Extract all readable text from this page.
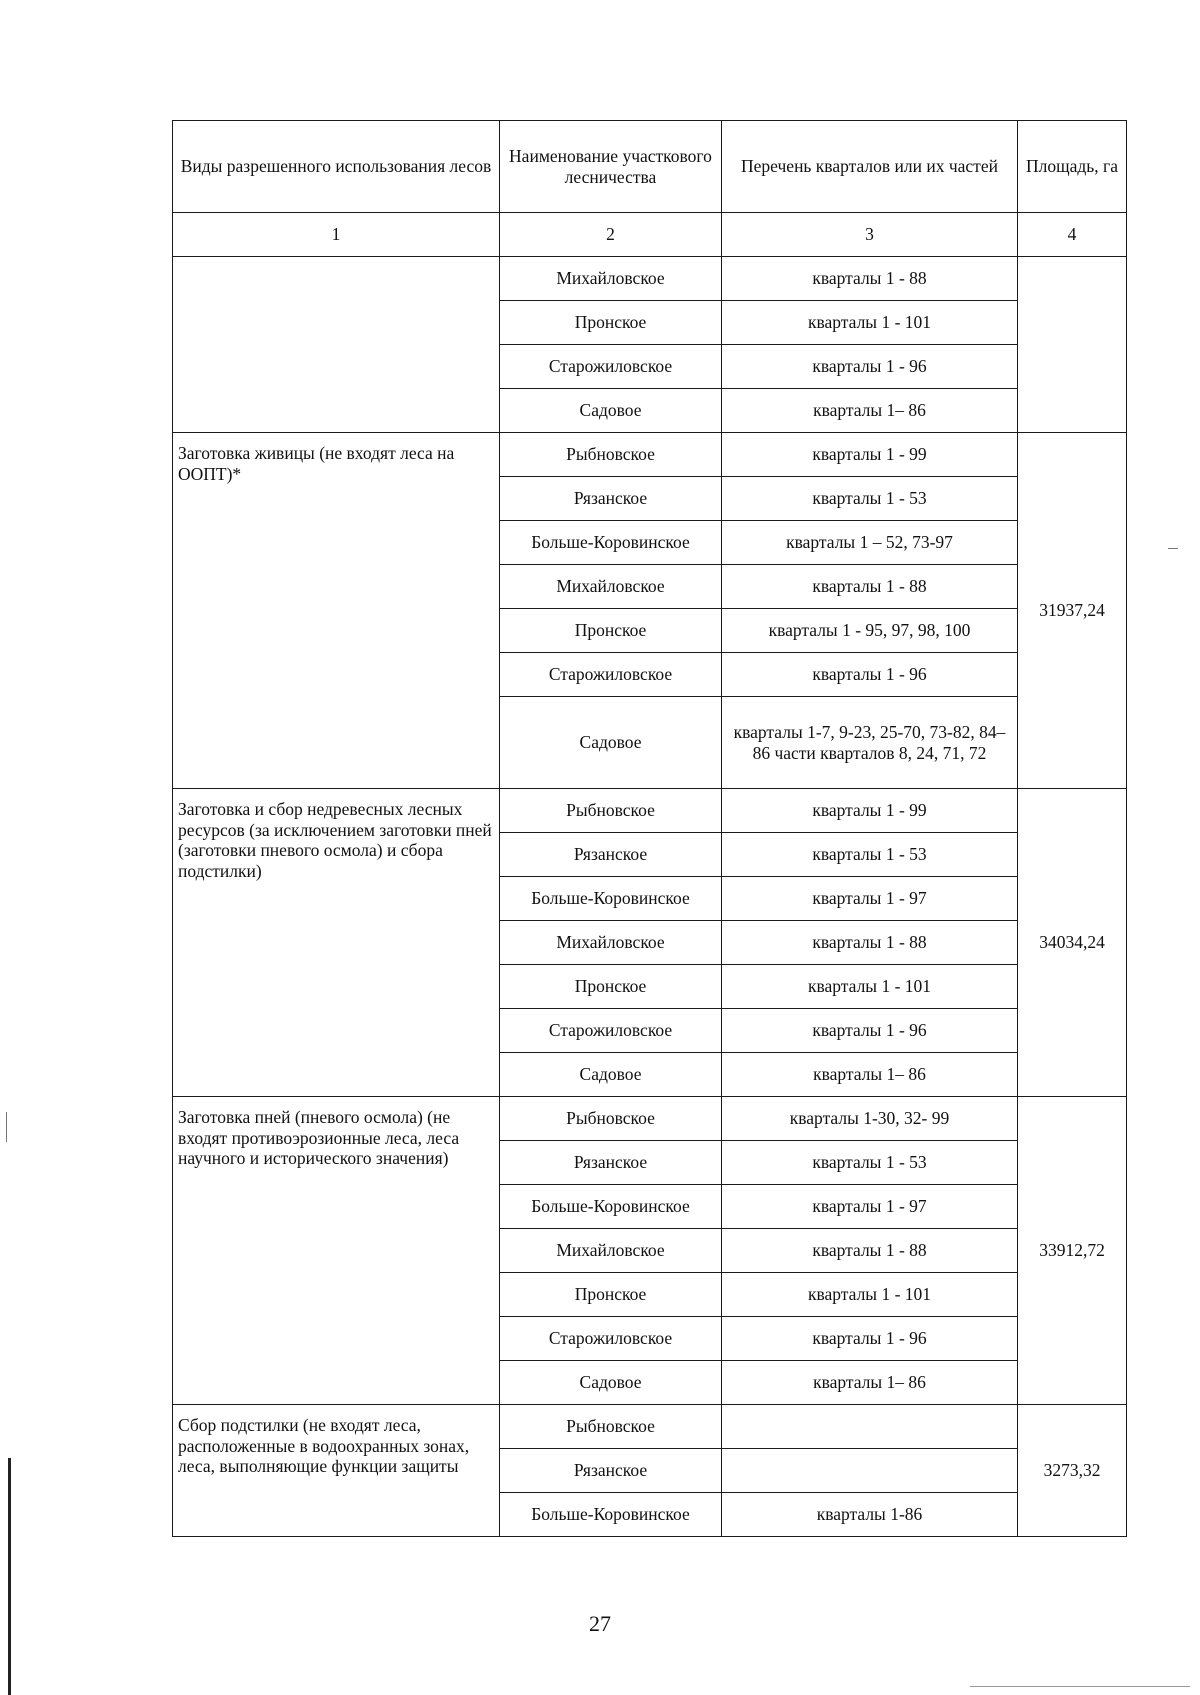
Виды разрешенного использования лесов	Наименование участкового лесничества	Перечень кварталов или их частей	Площадь, га
1	2	3	4
	Михайловское	кварталы 1 - 88	
	Пронское	кварталы 1 - 101	
	Старожиловское	кварталы 1 - 96	
	Садовое	кварталы 1– 86	
Заготовка живицы (не входят леса на ООПТ)*	Рыбновское	кварталы 1 - 99	31937,24
	Рязанское	кварталы 1 - 53	
	Больше-Коровинское	кварталы 1 – 52, 73-97	
	Михайловское	кварталы 1 - 88	
	Пронское	кварталы 1 - 95, 97, 98, 100	
	Старожиловское	кварталы 1 - 96	
	Садовое	кварталы 1-7, 9-23, 25-70, 73-82, 84–86 части кварталов 8, 24, 71, 72	
Заготовка и сбор недревесных лесных ресурсов (за исключением заготовки пней (заготовки пневого осмола) и сбора подстилки)	Рыбновское	кварталы 1 - 99	34034,24
	Рязанское	кварталы 1 - 53	
	Больше-Коровинское	кварталы 1 - 97	
	Михайловское	кварталы 1 - 88	
	Пронское	кварталы 1 - 101	
	Старожиловское	кварталы 1 - 96	
	Садовое	кварталы 1– 86	
Заготовка пней (пневого осмола) (не входят противоэрозионные леса, леса научного и исторического значения)	Рыбновское	кварталы 1-30, 32- 99	33912,72
	Рязанское	кварталы 1 - 53	
	Больше-Коровинское	кварталы 1 - 97	
	Михайловское	кварталы 1 - 88	
	Пронское	кварталы 1 - 101	
	Старожиловское	кварталы 1 - 96	
	Садовое	кварталы 1– 86	
Сбор подстилки (не входят леса, расположенные в водоохранных зонах, леса, выполняющие функции защиты	Рыбновское		3273,32
	Рязанское		
	Больше-Коровинское	кварталы 1-86	
27
